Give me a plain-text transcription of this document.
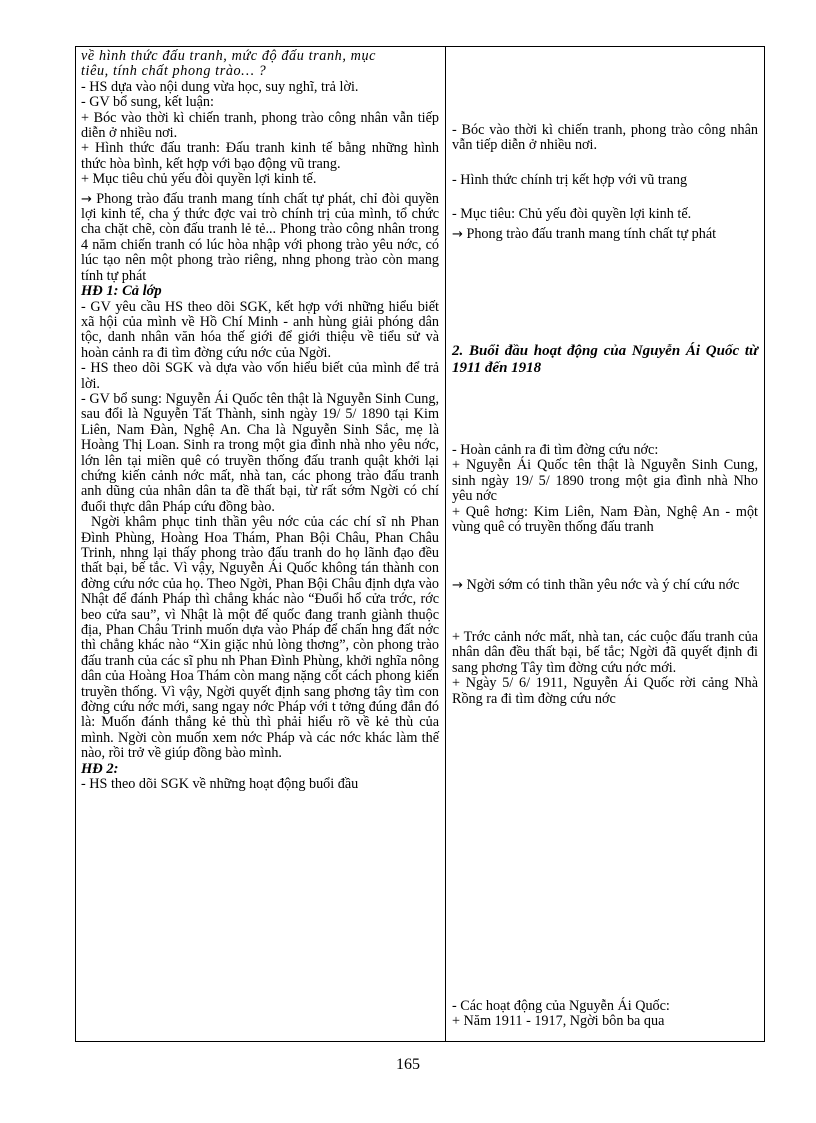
về hình thức đấu tranh, mức độ đấu tranh, mục

tiêu, tính chất phong trào… ?

- HS dựa vào nội dung vừa học, suy nghĩ, trả lời.

- GV bổ sung, kết luận:

+ Bóc vào thời kì chiến tranh, phong trào công nhân vẫn tiếp diễn ở nhiều nơi.

+ Hình thức đấu tranh: Đấu tranh kinh tế bằng những hình thức hòa bình, kết hợp với bạo động vũ trang.

+ Mục tiêu chủ yếu đòi quyền lợi kinh tế.

→ Phong trào đấu tranh mang tính chất tự phát, chỉ đòi quyền lợi kinh tế, cha ý thức đợc vai trò chính trị của mình, tổ chức cha chặt chẽ, còn đấu tranh lẻ tẻ... Phong trào công nhân trong 4 năm chiến tranh có lúc hòa nhập với phong trào yêu nớc, có lúc tạo nên một phong trào riêng, nhng phong trào còn mang tính tự phát

HĐ 1: Cả lớp

- GV yêu cầu HS theo dõi SGK, kết hợp với những hiểu biết xã hội của mình về Hồ Chí Minh - anh hùng giải phóng dân tộc, danh nhân văn hóa thế giới để giới thiệu về tiểu sử và hoàn cảnh ra đi tìm đờng cứu nớc của Ngời.

- HS theo dõi SGK và dựa vào vốn hiểu biết của mình để trả lời.

- GV bổ sung: Nguyễn Ái Quốc tên thật là Nguyễn Sinh Cung, sau đổi là Nguyễn Tất Thành, sinh ngày 19/ 5/ 1890 tại Kim Liên, Nam Đàn, Nghệ An. Cha là Nguyễn Sinh Sắc, mẹ là Hoàng Thị Loan. Sinh ra trong một gia đình nhà nho yêu nớc, lớn lên tại miền quê có truyền thống đấu tranh quật khởi lại chứng kiến cảnh nớc mất, nhà tan, các phong trào đấu tranh anh dũng của nhân dân ta đề thất bại, từ rất sớm Ngời có chí đuổi thực dân Pháp cứu đồng bào.

Ngời khâm phục tinh thần yêu nớc của các chí sĩ nh Phan Đình Phùng, Hoàng Hoa Thám, Phan Bội Châu, Phan Châu Trinh, nhng lại thấy phong trào đấu tranh do họ lãnh đạo đều thất bại, bế tắc. Vì vậy, Nguyễn Ái Quốc không tán thành con đờng cứu nớc của họ. Theo Ngời, Phan Bội Châu định dựa vào Nhật để đánh Pháp thì chẳng khác nào “Đuổi hổ cửa trớc, rớc beo cửa sau”, vì Nhật là một đế quốc đang tranh giành thuộc địa, Phan Châu Trinh muốn dựa vào Pháp để chấn hng đất nớc thì chẳng khác nào “Xin giặc nhủ lòng thơng”, còn phong trào đấu tranh của các sĩ phu nh Phan Đình Phùng, khởi nghĩa nông dân của Hoàng Hoa Thám còn mang nặng cốt cách phong kiến truyền thống. Vì vậy, Ngời quyết định sang phơng tây tìm con đờng cứu nớc mới, sang ngay nớc Pháp với t tởng đúng đắn đó là: Muốn đánh thắng kẻ thù thì phải hiểu rõ về kẻ thù của mình. Ngời còn muốn xem nớc Pháp và các nớc khác làm thế nào, rồi trở về giúp đồng bào mình.

HĐ 2:

- HS theo dõi SGK về những hoạt động buổi đầu

- Bóc vào thời kì chiến tranh, phong trào công nhân vẫn tiếp diễn ở nhiều nơi.

- Hình thức chính trị kết hợp với vũ trang

- Mục tiêu: Chủ yếu đòi quyền lợi kinh tế.

→ Phong trào đấu tranh mang tính chất tự phát

2. Buổi đầu hoạt động của Nguyễn Ái Quốc từ 1911 đến 1918

- Hoàn cảnh ra đi tìm đờng cứu nớc:

+ Nguyễn Ái Quốc tên thật là Nguyễn Sinh Cung, sinh ngày 19/ 5/ 1890 trong một gia đình nhà Nho yêu nớc

+ Quê hơng: Kim Liên, Nam Đàn, Nghệ An - một vùng quê có truyền thống đấu tranh

→ Ngời sớm có tinh thần yêu nớc và ý chí cứu nớc

+ Trớc cảnh nớc mất, nhà tan, các cuộc đấu tranh của nhân dân đều thất bại, bế tắc; Ngời đã quyết định đi sang phơng Tây tìm đờng cứu nớc mới.

+ Ngày 5/ 6/ 1911, Nguyễn Ái Quốc rời cảng Nhà Rồng ra đi tìm đờng cứu nớc

- Các hoạt động của Nguyễn Ái Quốc:

+ Năm 1911 - 1917, Ngời bôn ba qua

165
